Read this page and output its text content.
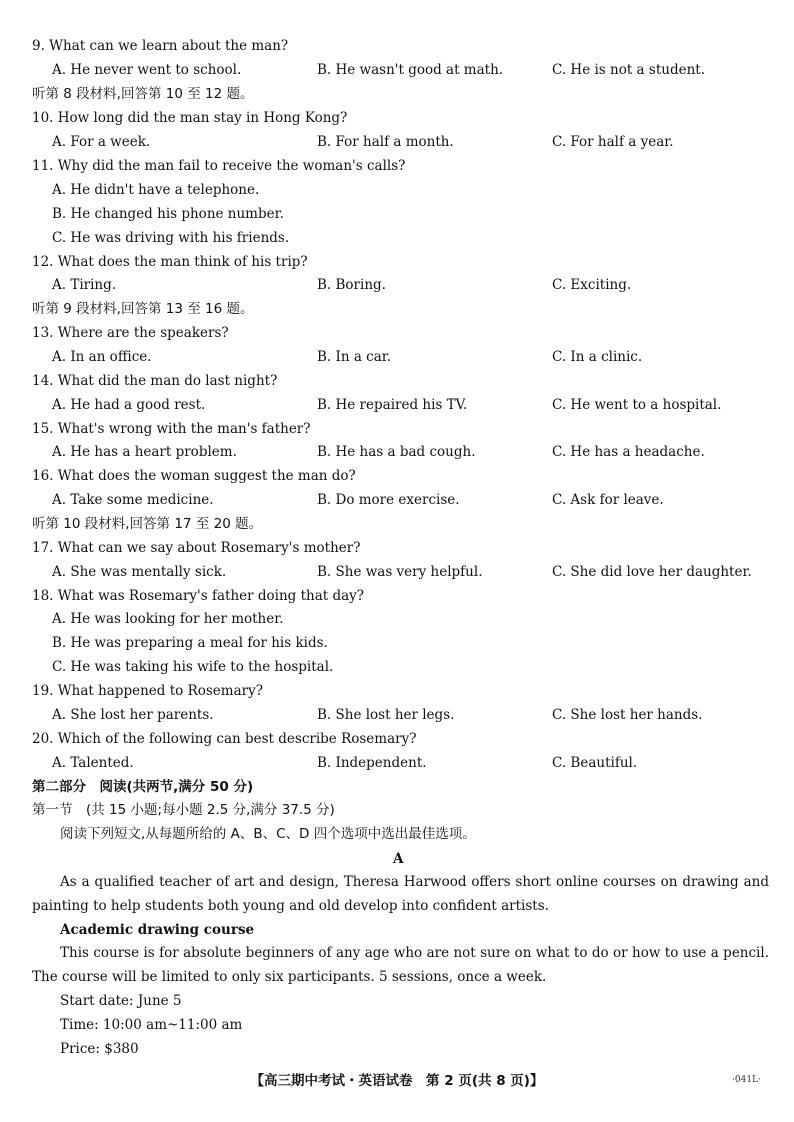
9. What can we learn about the man?
A. He never went to school.	B. He wasn't good at math.	C. He is not a student.
听第 8 段材料,回答第 10 至 12 题。
10. How long did the man stay in Hong Kong?
A. For a week.	B. For half a month.	C. For half a year.
11. Why did the man fail to receive the woman's calls?
A. He didn't have a telephone.
B. He changed his phone number.
C. He was driving with his friends.
12. What does the man think of his trip?
A. Tiring.	B. Boring.	C. Exciting.
听第 9 段材料,回答第 13 至 16 题。
13. Where are the speakers?
A. In an office.	B. In a car.	C. In a clinic.
14. What did the man do last night?
A. He had a good rest.	B. He repaired his TV.	C. He went to a hospital.
15. What's wrong with the man's father?
A. He has a heart problem.	B. He has a bad cough.	C. He has a headache.
16. What does the woman suggest the man do?
A. Take some medicine.	B. Do more exercise.	C. Ask for leave.
听第 10 段材料,回答第 17 至 20 题。
17. What can we say about Rosemary's mother?
A. She was mentally sick.	B. She was very helpful.	C. She did love her daughter.
18. What was Rosemary's father doing that day?
A. He was looking for her mother.
B. He was preparing a meal for his kids.
C. He was taking his wife to the hospital.
19. What happened to Rosemary?
A. She lost her parents.	B. She lost her legs.	C. She lost her hands.
20. Which of the following can best describe Rosemary?
A. Talented.	B. Independent.	C. Beautiful.
第二部分　阅读(共两节,满分 50 分)
第一节　(共 15 小题;每小题 2.5 分,满分 37.5 分)
阅读下列短文,从每题所给的 A、B、C、D 四个选项中选出最佳选项。
A
As a qualified teacher of art and design, Theresa Harwood offers short online courses on drawing and painting to help students both young and old develop into confident artists.
Academic drawing course
This course is for absolute beginners of any age who are not sure on what to do or how to use a pencil. The course will be limited to only six participants. 5 sessions, once a week.
Start date: June 5
Time: 10:00 am~11:00 am
Price: $380
【高三期中考试・英语试卷　第 2 页(共 8 页)】	·041L·
